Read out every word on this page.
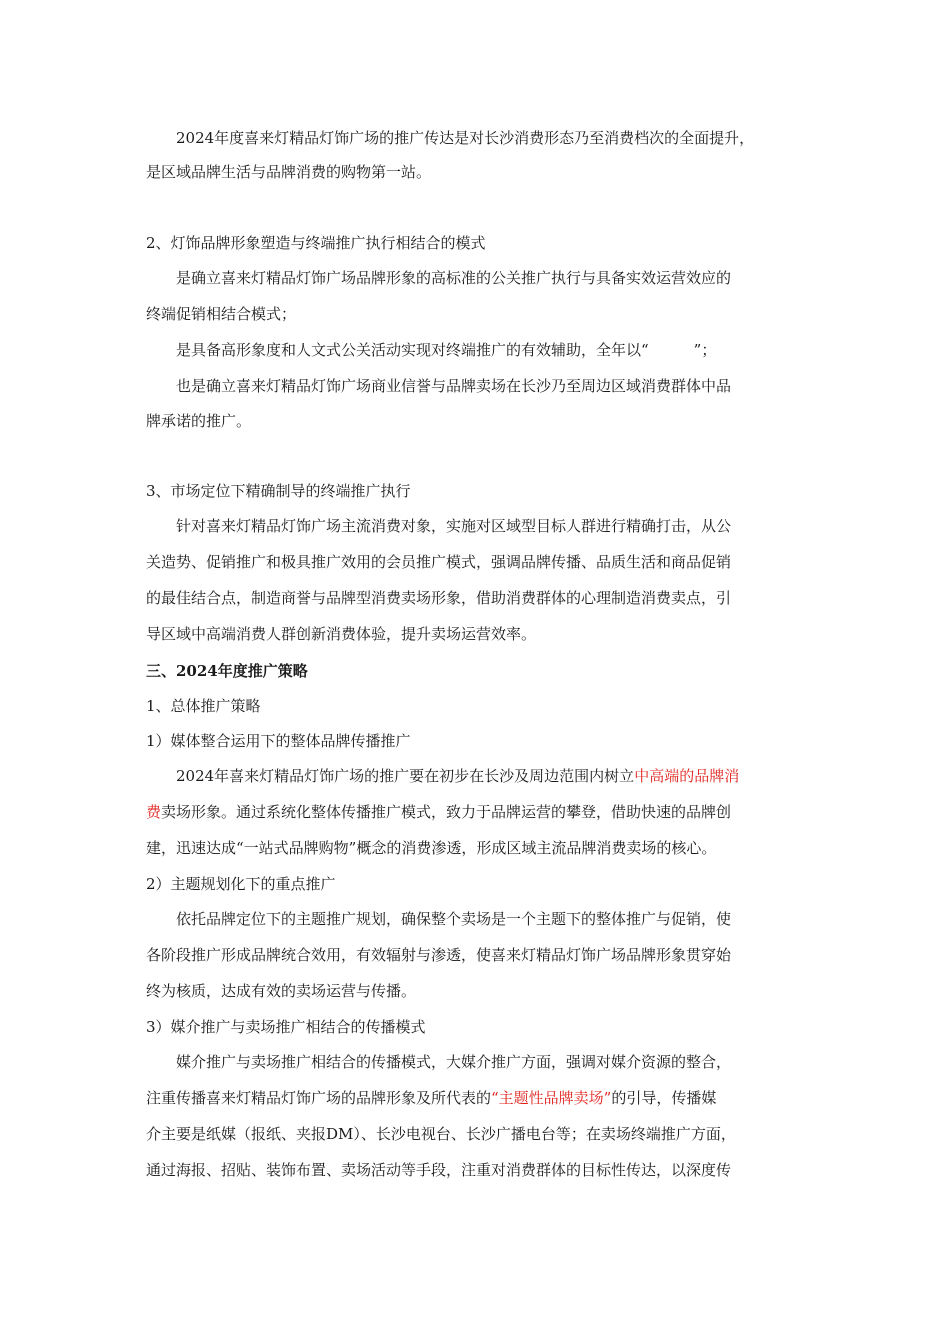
2024年度喜来灯精品灯饰广场的推广传达是对长沙消费形态乃至消费档次的全面提升，
是区域品牌生活与品牌消费的购物第一站。
2、灯饰品牌形象塑造与终端推广执行相结合的模式
是确立喜来灯精品灯饰广场品牌形象的高标准的公关推广执行与具备实效运营效应的
终端促销相结合模式；
是具备高形象度和人文式公关活动实现对终端推广的有效辅助，全年以“　　　”；
也是确立喜来灯精品灯饰广场商业信誉与品牌卖场在长沙乃至周边区域消费群体中品
牌承诺的推广。
3、市场定位下精确制导的终端推广执行
针对喜来灯精品灯饰广场主流消费对象，实施对区域型目标人群进行精确打击，从公
关造势、促销推广和极具推广效用的会员推广模式，强调品牌传播、品质生活和商品促销
的最佳结合点，制造商誉与品牌型消费卖场形象，借助消费群体的心理制造消费卖点，引
导区域中高端消费人群创新消费体验，提升卖场运营效率。
三、2024年度推广策略
1、总体推广策略
1）媒体整合运用下的整体品牌传播推广
2024年喜来灯精品灯饰广场的推广要在初步在长沙及周边范围内树立中高端的品牌消
费卖场形象。通过系统化整体传播推广模式，致力于品牌运营的攀登，借助快速的品牌创
建，迅速达成“一站式品牌购物”概念的消费渗透，形成区域主流品牌消费卖场的核心。
2）主题规划化下的重点推广
依托品牌定位下的主题推广规划，确保整个卖场是一个主题下的整体推广与促销，使
各阶段推广形成品牌统合效用，有效辐射与渗透，使喜来灯精品灯饰广场品牌形象贯穿始
终为核质，达成有效的卖场运营与传播。
3）媒介推广与卖场推广相结合的传播模式
媒介推广与卖场推广相结合的传播模式，大媒介推广方面，强调对媒介资源的整合，
注重传播喜来灯精品灯饰广场的品牌形象及所代表的“主题性品牌卖场”的引导，传播媒
介主要是纸媒（报纸、夹报DM）、长沙电视台、长沙广播电台等；在卖场终端推广方面，
通过海报、招贴、装饰布置、卖场活动等手段，注重对消费群体的目标性传达，以深度传
